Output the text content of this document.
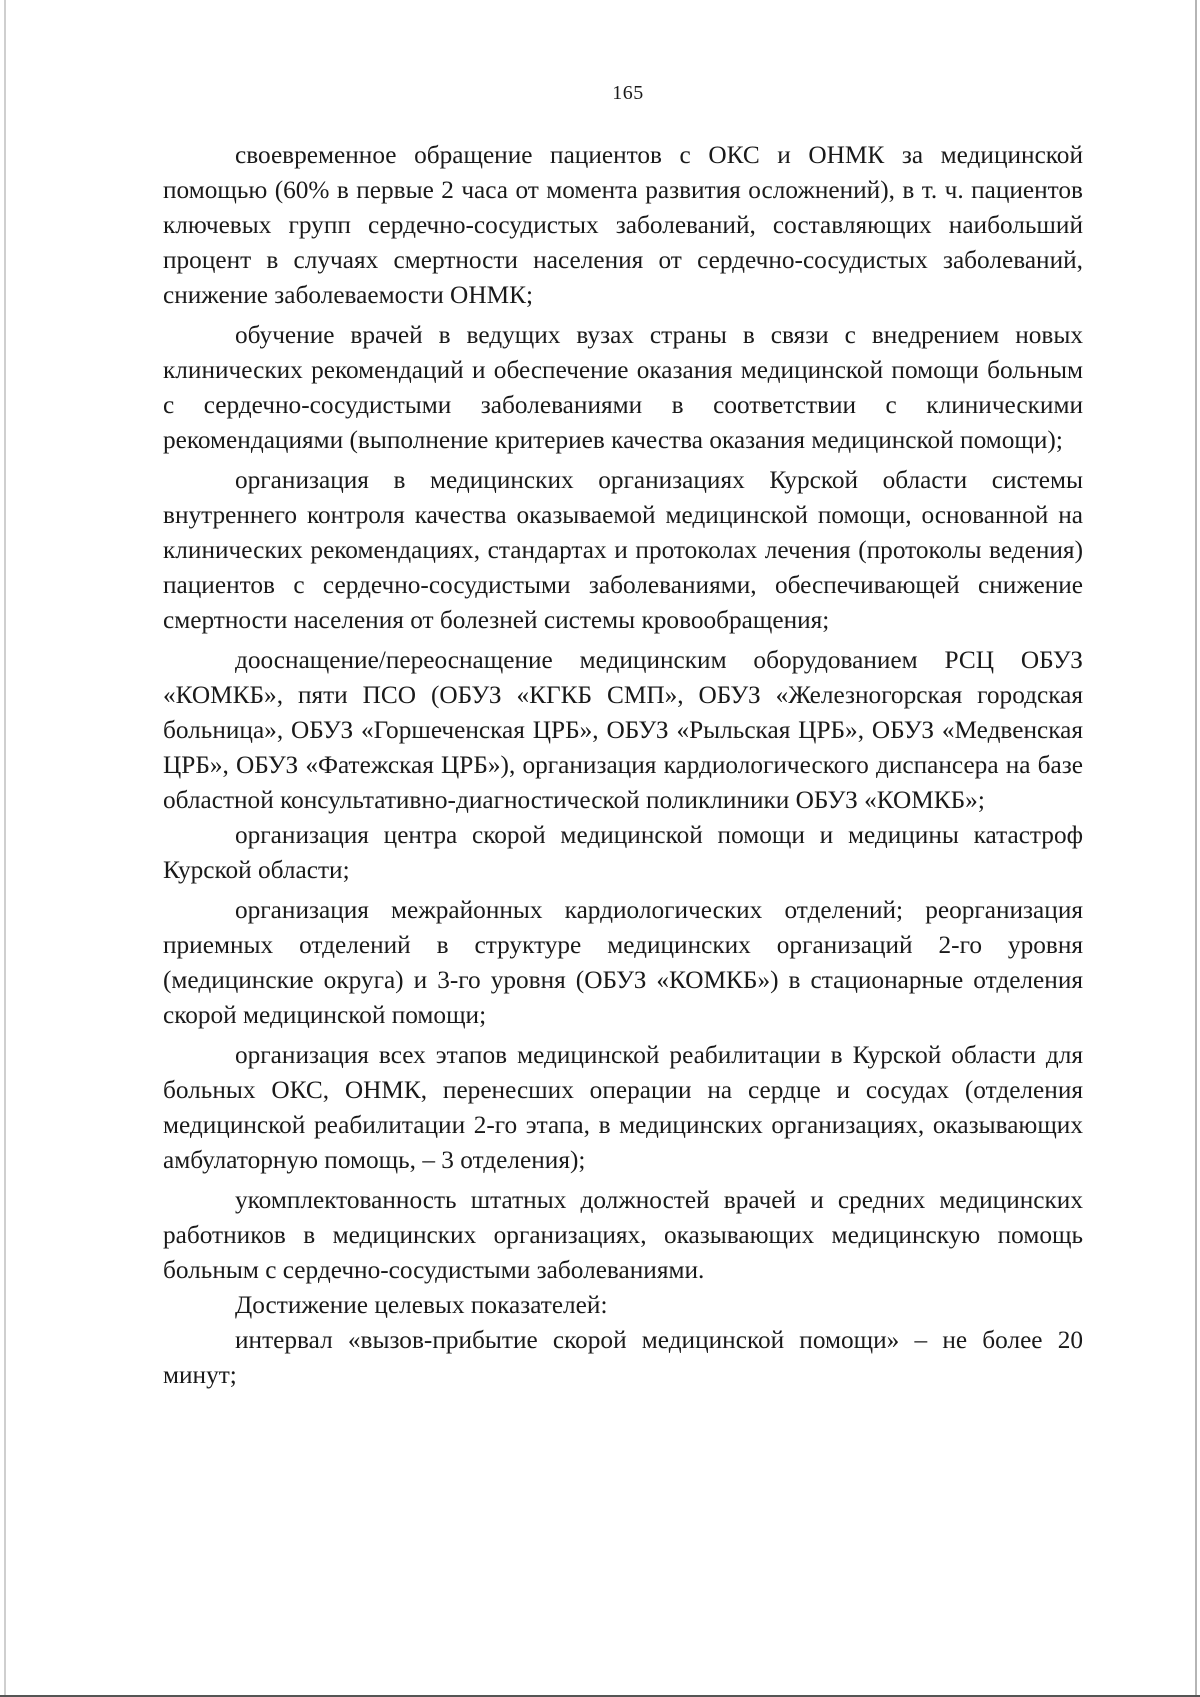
165

своевременное обращение пациентов с ОКС и ОНМК за медицинской помощью (60% в первые 2 часа от момента развития осложнений), в т. ч. пациентов ключевых групп сердечно-сосудистых заболеваний, составляющих наибольший процент в случаях смертности населения от сердечно-сосудистых заболеваний, снижение заболеваемости ОНМК;

обучение врачей в ведущих вузах страны в связи с внедрением новых клинических рекомендаций и обеспечение оказания медицинской помощи больным с сердечно-сосудистыми заболеваниями в соответствии с клиническими рекомендациями (выполнение критериев качества оказания медицинской помощи);

организация в медицинских организациях Курской области системы внутреннего контроля качества оказываемой медицинской помощи, основанной на клинических рекомендациях, стандартах и протоколах лечения (протоколы ведения) пациентов с сердечно-сосудистыми заболеваниями, обеспечивающей снижение смертности населения от болезней системы кровообращения;

дооснащение/переоснащение медицинским оборудованием РСЦ ОБУЗ «КОМКБ», пяти ПСО (ОБУЗ «КГКБ СМП», ОБУЗ «Железногорская городская больница», ОБУЗ «Горшеченская ЦРБ», ОБУЗ «Рыльская ЦРБ», ОБУЗ «Медвенская ЦРБ», ОБУЗ «Фатежская ЦРБ»), организация кардиологического диспансера на базе областной консультативно-диагностической поликлиники ОБУЗ «КОМКБ»;

организация центра скорой медицинской помощи и медицины катастроф Курской области;

организация межрайонных кардиологических отделений; реорганизация приемных отделений в структуре медицинских организаций 2-го уровня (медицинские округа) и 3-го уровня (ОБУЗ «КОМКБ») в стационарные отделения скорой медицинской помощи;

организация всех этапов медицинской реабилитации в Курской области для больных ОКС, ОНМК, перенесших операции на сердце и сосудах (отделения медицинской реабилитации 2-го этапа, в медицинских организациях, оказывающих амбулаторную помощь, – 3 отделения);

укомплектованность штатных должностей врачей и средних медицинских работников в медицинских организациях, оказывающих медицинскую помощь больным с сердечно-сосудистыми заболеваниями.

Достижение целевых показателей:

интервал «вызов-прибытие скорой медицинской помощи» – не более 20 минут;
